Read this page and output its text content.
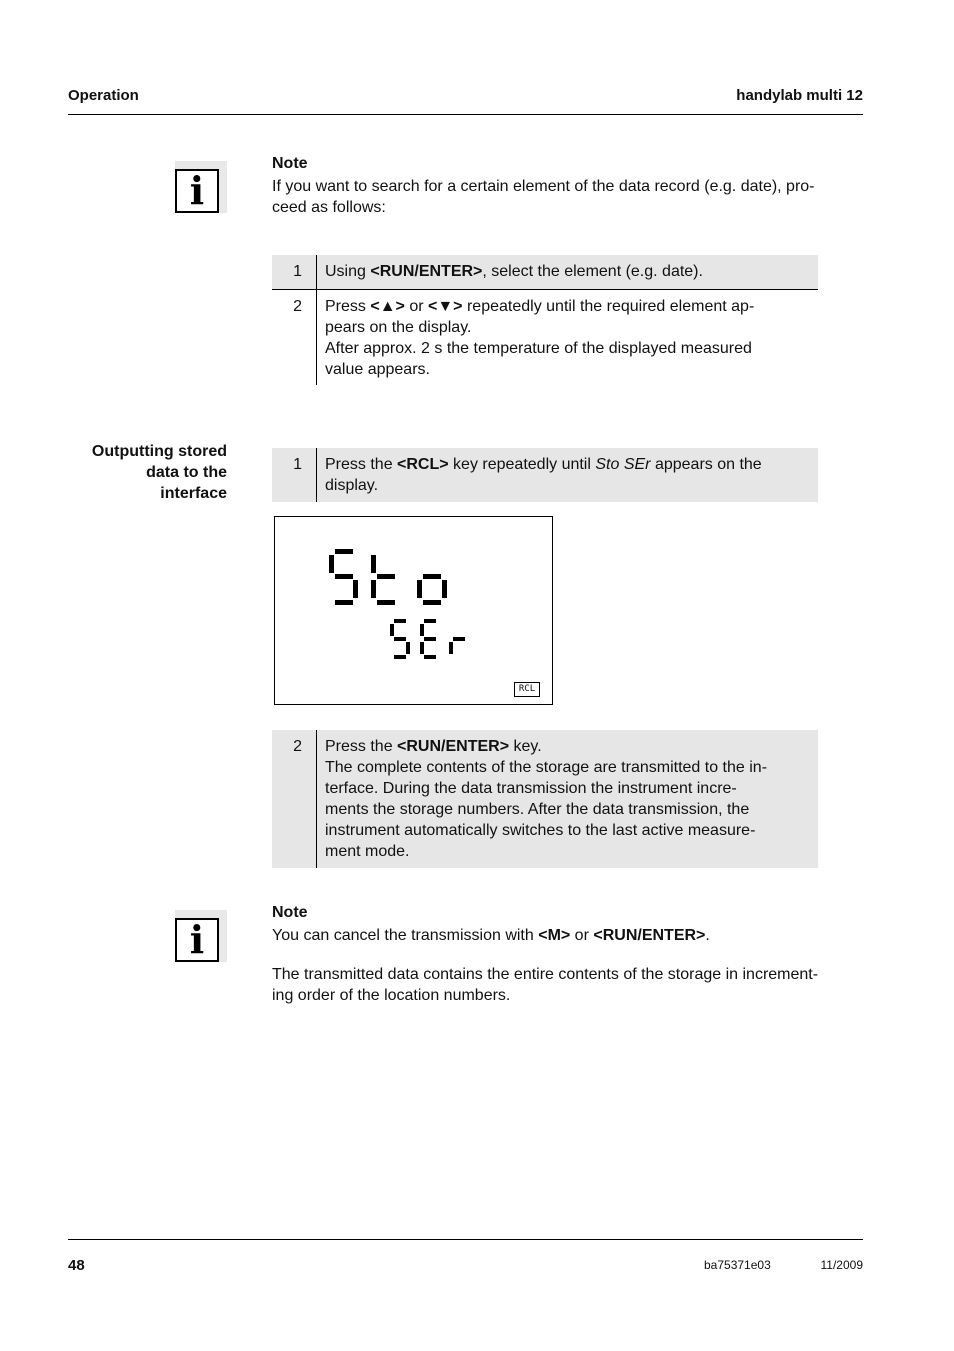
Operation	handylab multi 12
i
Note
If you want to search for a certain element of the data record (e.g. date), pro-
ceed as follows:
1	Using <RUN/ENTER>, select the element (e.g. date).
2	Press <▲> or <▼> repeatedly until the required element ap-
pears on the display.
After approx. 2 s the temperature of the displayed measured
value appears.
Outputting stored
data to the
interface
1	Press the <RCL> key repeatedly until Sto SEr appears on the
display.
RCL
2	Press the <RUN/ENTER> key.
The complete contents of the storage are transmitted to the in-
terface. During the data transmission the instrument incre-
ments the storage numbers. After the data transmission, the
instrument automatically switches to the last active measure-
ment mode.
i
Note
You can cancel the transmission with <M> or <RUN/ENTER>.
The transmitted data contains the entire contents of the storage in increment-
ing order of the location numbers.
48	ba75371e03	11/2009
